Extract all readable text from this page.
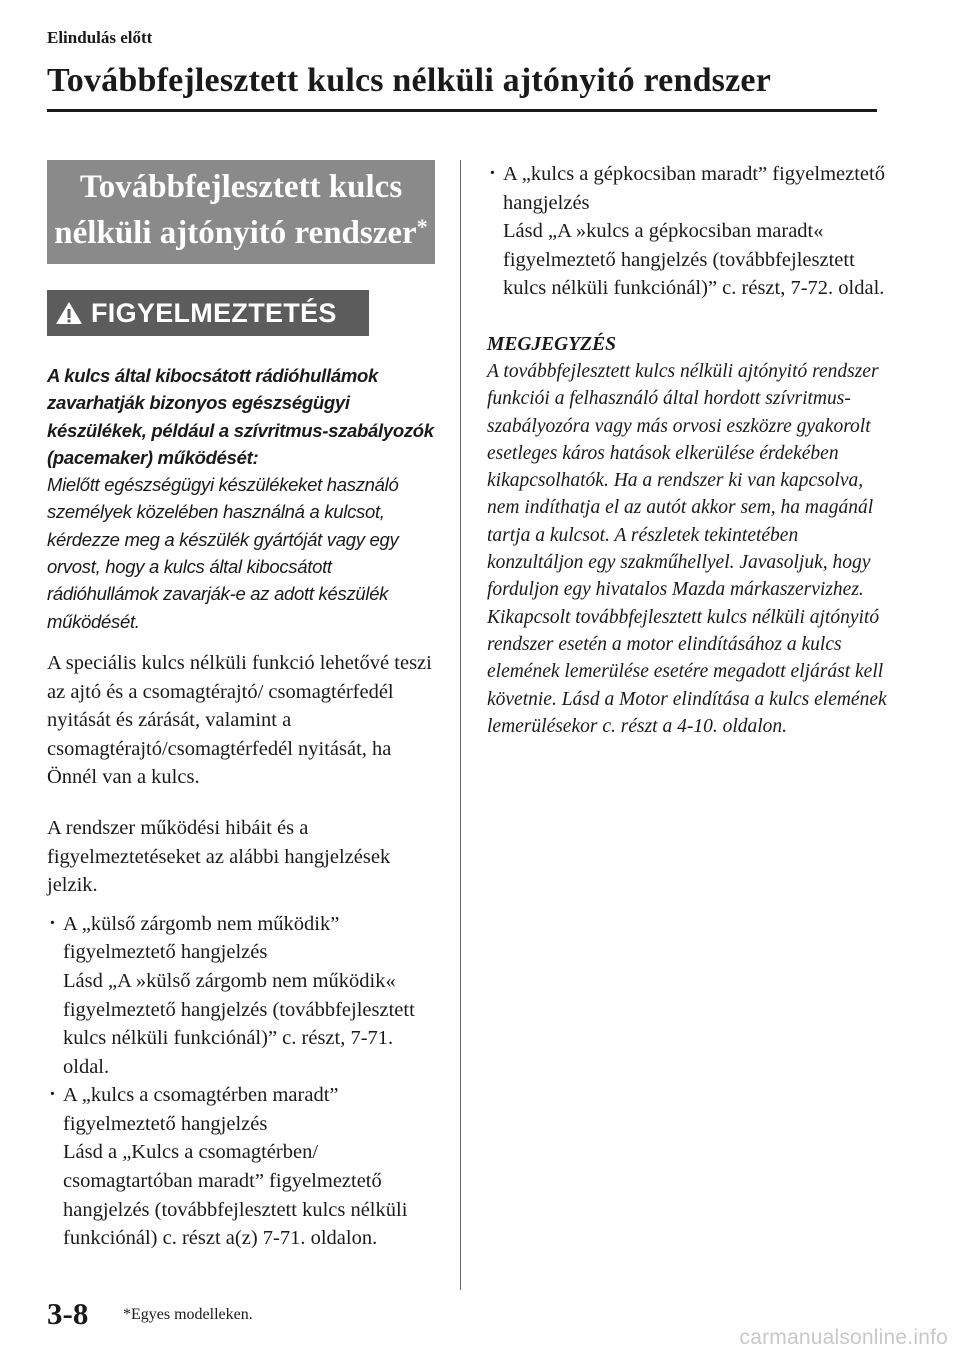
Elindulás előtt
Továbbfejlesztett kulcs nélküli ajtónyitó rendszer
Továbbfejlesztett kulcs
nélküli ajtónyitó rendszer*
FIGYELMEZTETÉS

A kulcs által kibocsátott rádióhullámok zavarhatják bizonyos egészségügyi készülékek, például a szívritmus-szabályozók (pacemaker) működését:

Mielőtt egészségügyi készülékeket használó személyek közelében használná a kulcsot, kérdezze meg a készülék gyártóját vagy egy orvost, hogy a kulcs által kibocsátott rádióhullámok zavarják-e az adott készülék működését.

A speciális kulcs nélküli funkció lehetővé teszi az ajtó és a csomagtérajtó/ csomagtérfedél nyitását és zárását, valamint a csomagtérajtó/csomagtérfedél nyitását, ha Önnél van a kulcs.

A rendszer működési hibáit és a figyelmeztetéseket az alábbi hangjelzések jelzik.

· A „külső zárgomb nem működik” figyelmeztető hangjelzés
Lásd „A »külső zárgomb nem működik« figyelmeztető hangjelzés (továbbfejlesztett kulcs nélküli funkciónál)” c. részt, 7-71. oldal.
· A „kulcs a csomagtérben maradt” figyelmeztető hangjelzés
Lásd a „Kulcs a csomagtérben/ csomagtartóban maradt” figyelmeztető hangjelzés (továbbfejlesztett kulcs nélküli funkciónál) c. részt a(z) 7-71. oldalon.
· A „kulcs a gépkocsiban maradt” figyelmeztető hangjelzés
Lásd „A »kulcs a gépkocsiban maradt« figyelmeztető hangjelzés (továbbfejlesztett kulcs nélküli funkciónál)” c. részt, 7-72. oldal.
MEGJEGYZÉS

A továbbfejlesztett kulcs nélküli ajtónyitó rendszer funkciói a felhasználó által hordott szívritmus-szabályozóra vagy más orvosi eszközre gyakorolt esetleges káros hatások elkerülése érdekében kikapcsolhatók. Ha a rendszer ki van kapcsolva, nem indíthatja el az autót akkor sem, ha magánál tartja a kulcsot. A részletek tekintetében konzultáljon egy szakműhellyel. Javasoljuk, hogy forduljon egy hivatalos Mazda márkaszervizhez. Kikapcsolt továbbfejlesztett kulcs nélküli ajtónyitó rendszer esetén a motor elindításához a kulcs elemének lemerülése esetére megadott eljárást kell követnie. Lásd a Motor elindítása a kulcs elemének lemerülésekor c. részt a 4-10. oldalon.

3-8 *Egyes modelleken.
carmanualsonline.info
